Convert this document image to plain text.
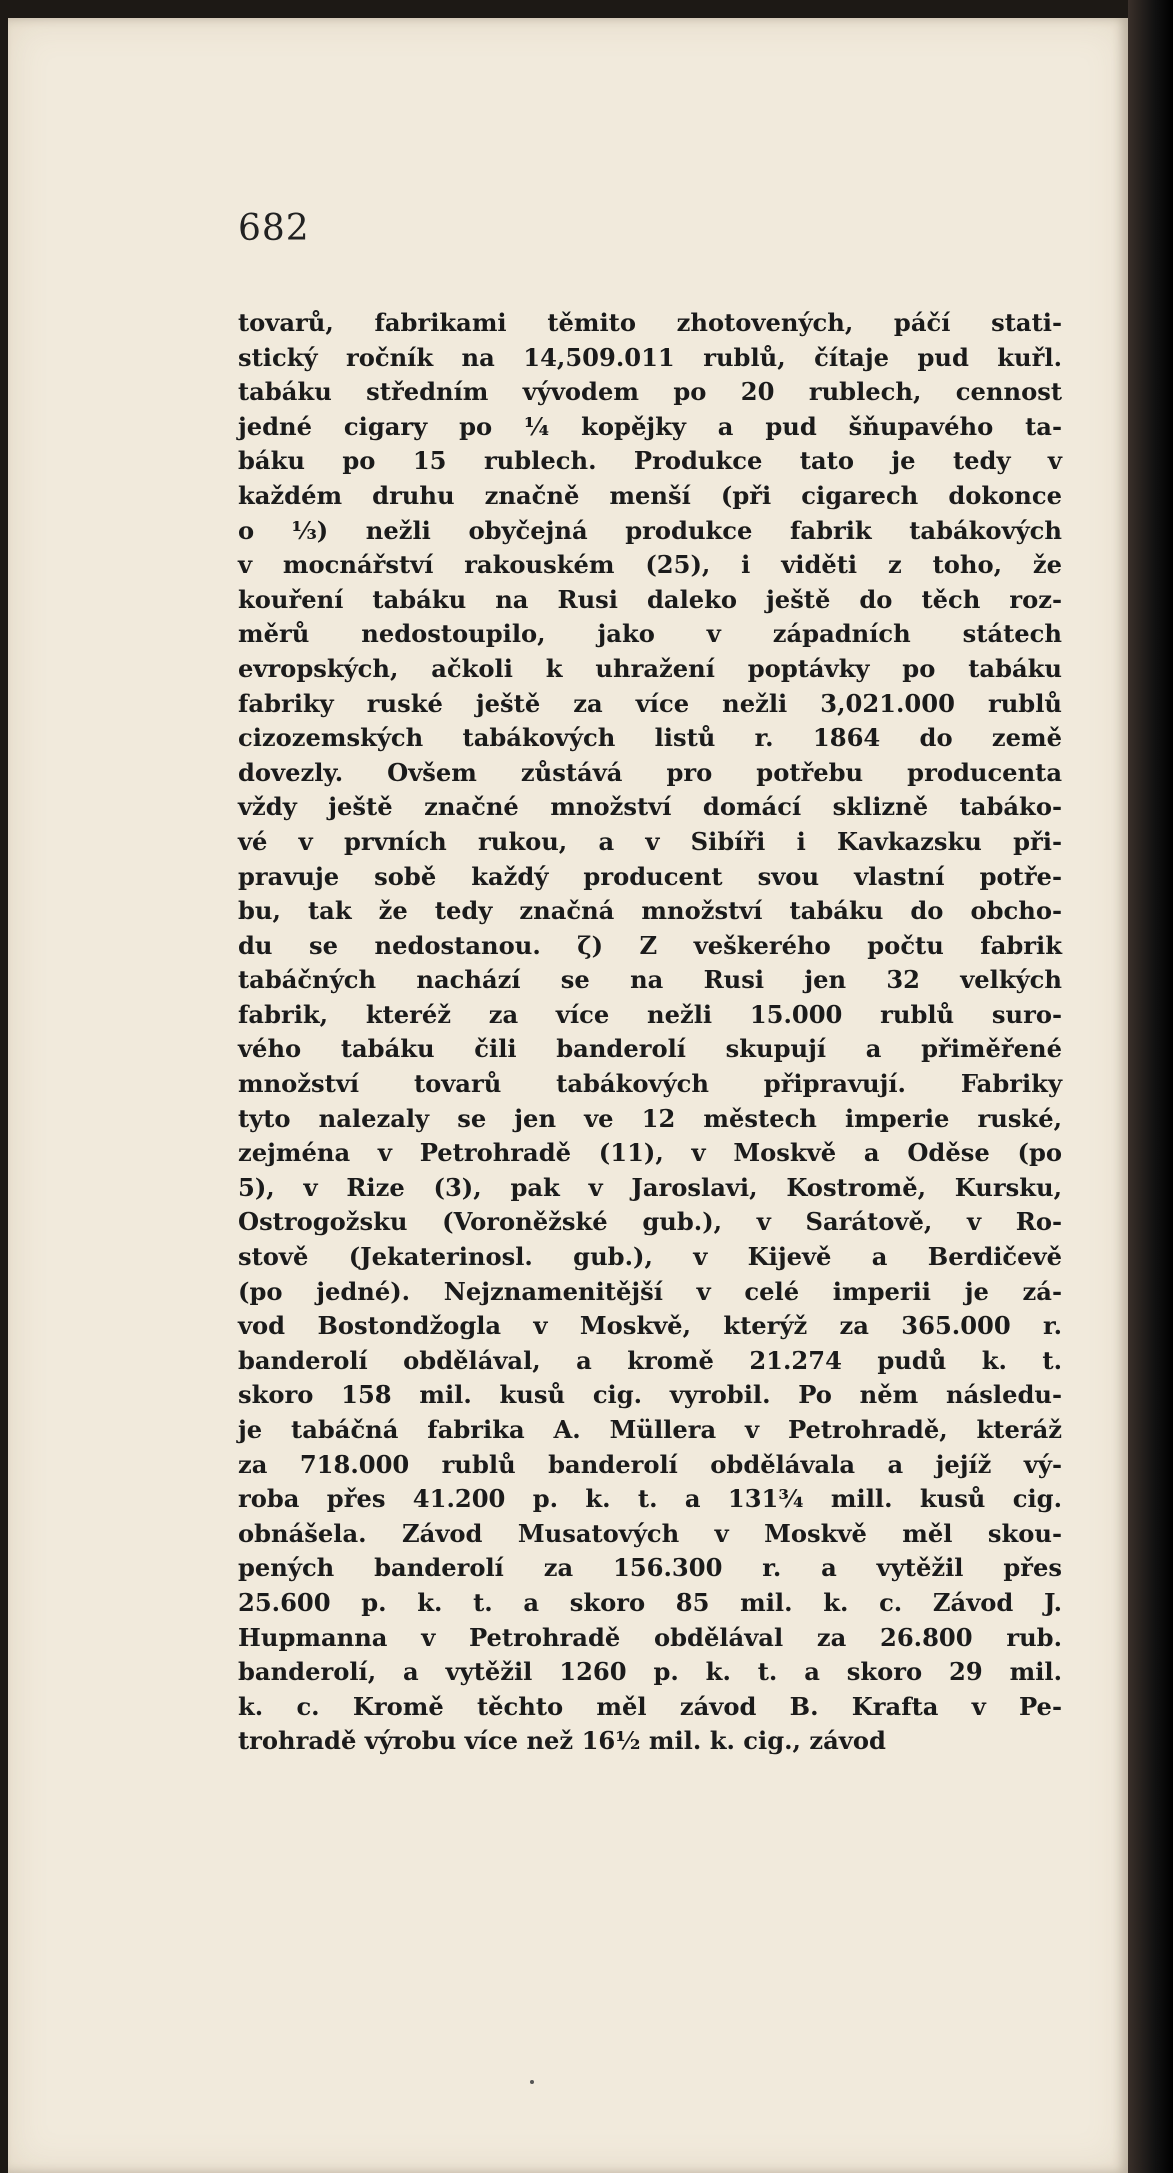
682
tovarů, fabrikami těmito zhotovených, páčí stati-
stický ročník na 14,509.011 rublů, čítaje pud kuřl.
tabáku středním vývodem po 20 rublech, cennost
jedné cigary po ¼ kopějky a pud šňupavého ta-
báku po 15 rublech. Produkce tato je tedy v
každém druhu značně menší (při cigarech dokonce
o ⅓) nežli obyčejná produkce fabrik tabákových
v mocnářství rakouském (25), i viděti z toho, že
kouření tabáku na Rusi daleko ještě do těch roz-
měrů nedostoupilo, jako v západních státech
evropských, ačkoli k uhražení poptávky po tabáku
fabriky ruské ještě za více nežli 3,021.000 rublů
cizozemských tabákových listů r. 1864 do země
dovezly. Ovšem zůstává pro potřebu producenta
vždy ještě značné množství domácí sklizně tabáko-
vé v prvních rukou, a v Sibíři i Kavkazsku při-
pravuje sobě každý producent svou vlastní potře-
bu, tak že tedy značná množství tabáku do obcho-
du se nedostanou. ζ) Z veškerého počtu fabrik
tabáčných nachází se na Rusi jen 32 velkých
fabrik, kteréž za více nežli 15.000 rublů suro-
vého tabáku čili banderolí skupují a přiměřené
množství tovarů tabákových připravují. Fabriky
tyto nalezaly se jen ve 12 městech imperie ruské,
zejména v Petrohradě (11), v Moskvě a Oděse (po
5), v Rize (3), pak v Jaroslavi, Kostromě, Kursku,
Ostrogožsku (Voroněžské gub.), v Sarátově, v Ro-
stově (Jekaterinosl. gub.), v Kijevě a Berdičevě
(po jedné). Nejznamenitější v celé imperii je zá-
vod Bostondžogla v Moskvě, kterýž za 365.000 r.
banderolí obdělával, a kromě 21.274 pudů k. t.
skoro 158 mil. kusů cig. vyrobil. Po něm následu-
je tabáčná fabrika A. Müllera v Petrohradě, kteráž
za 718.000 rublů banderolí obdělávala a jejíž vý-
roba přes 41.200 p. k. t. a 131¾ mill. kusů cig.
obnášela. Závod Musatových v Moskvě měl skou-
pených banderolí za 156.300 r. a vytěžil přes
25.600 p. k. t. a skoro 85 mil. k. c. Závod J.
Hupmanna v Petrohradě obdělával za 26.800 rub.
banderolí, a vytěžil 1260 p. k. t. a skoro 29 mil.
k. c. Kromě těchto měl závod B. Krafta v Pe-
trohradě výrobu více než 16½ mil. k. cig., závod
